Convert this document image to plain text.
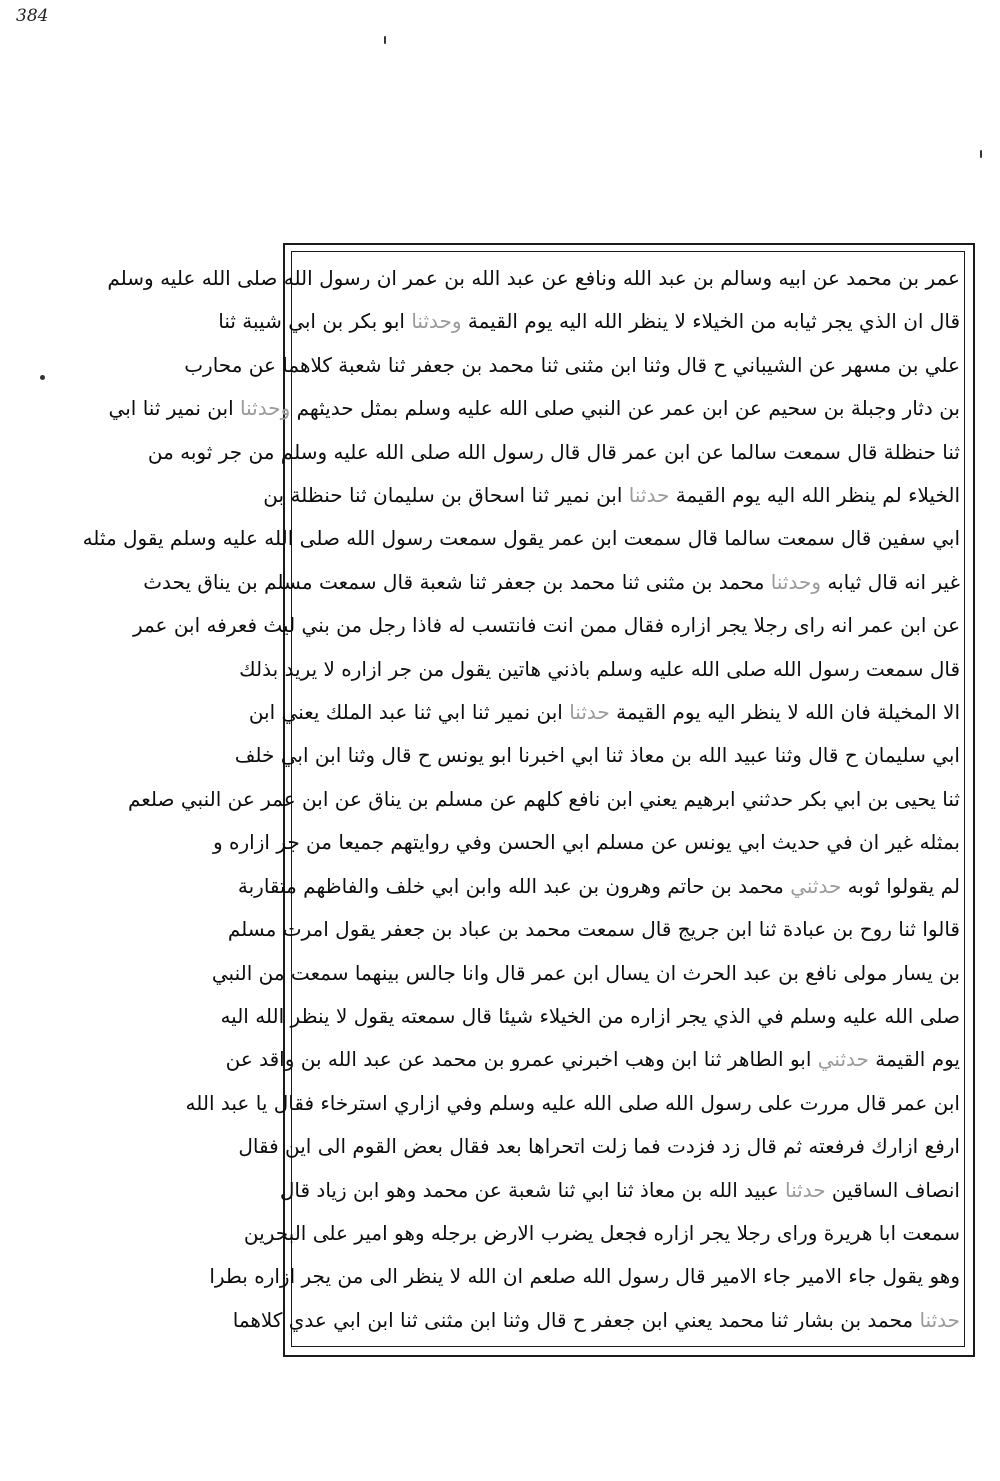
384
عمر بن محمد عن ابيه وسالم بن عبد الله ونافع عن عبد الله بن عمر ان رسول الله صلى الله عليه وسلم
قال ان الذي يجر ثيابه من الخيلاء لا ينظر الله اليه يوم القيمة وحدثنا ابو بكر بن ابي شيبة ثنا
علي بن مسهر عن الشيباني ح قال وثنا ابن مثنى ثنا محمد بن جعفر ثنا شعبة كلاهما عن محارب
بن دثار وجبلة بن سحيم عن ابن عمر عن النبي صلى الله عليه وسلم بمثل حديثهم وحدثنا ابن نمير ثنا ابي
ثنا حنظلة قال سمعت سالما عن ابن عمر قال قال رسول الله صلى الله عليه وسلم من جر ثوبه من
الخيلاء لم ينظر الله اليه يوم القيمة حدثنا ابن نمير ثنا اسحاق بن سليمان ثنا حنظلة بن
ابي سفين قال سمعت سالما قال سمعت ابن عمر يقول سمعت رسول الله صلى الله عليه وسلم يقول مثله
غير انه قال ثيابه وحدثنا محمد بن مثنى ثنا محمد بن جعفر ثنا شعبة قال سمعت مسلم بن يناق يحدث
عن ابن عمر انه راى رجلا يجر ازاره فقال ممن انت فانتسب له فاذا رجل من بني ليث فعرفه ابن عمر
قال سمعت رسول الله صلى الله عليه وسلم باذني هاتين يقول من جر ازاره لا يريد بذلك
الا المخيلة فان الله لا ينظر اليه يوم القيمة حدثنا ابن نمير ثنا ابي ثنا عبد الملك يعني ابن
ابي سليمان ح قال وثنا عبيد الله بن معاذ ثنا ابي اخبرنا ابو يونس ح قال وثنا ابن ابي خلف
ثنا يحيى بن ابي بكر حدثني ابرهيم يعني ابن نافع كلهم عن مسلم بن يناق عن ابن عمر عن النبي صلعم
بمثله غير ان في حديث ابي يونس عن مسلم ابي الحسن وفي روايتهم جميعا من جر ازاره و
لم يقولوا ثوبه حدثني محمد بن حاتم وهرون بن عبد الله وابن ابي خلف والفاظهم متقاربة
قالوا ثنا روح بن عبادة ثنا ابن جريج قال سمعت محمد بن عباد بن جعفر يقول امرت مسلم
بن يسار مولى نافع بن عبد الحرث ان يسال ابن عمر قال وانا جالس بينهما سمعت من النبي
صلى الله عليه وسلم في الذي يجر ازاره من الخيلاء شيئا قال سمعته يقول لا ينظر الله اليه
يوم القيمة حدثني ابو الطاهر ثنا ابن وهب اخبرني عمرو بن محمد عن عبد الله بن واقد عن
ابن عمر قال مررت على رسول الله صلى الله عليه وسلم وفي ازاري استرخاء فقال يا عبد الله
ارفع ازارك فرفعته ثم قال زد فزدت فما زلت اتحراها بعد فقال بعض القوم الى اين فقال
انصاف الساقين حدثنا عبيد الله بن معاذ ثنا ابي ثنا شعبة عن محمد وهو ابن زياد قال
سمعت ابا هريرة وراى رجلا يجر ازاره فجعل يضرب الارض برجله وهو امير على البحرين
وهو يقول جاء الامير جاء الامير قال رسول الله صلعم ان الله لا ينظر الى من يجر ازاره بطرا
حدثنا محمد بن بشار ثنا محمد يعني ابن جعفر ح قال وثنا ابن مثنى ثنا ابن ابي عدي كلاهما
